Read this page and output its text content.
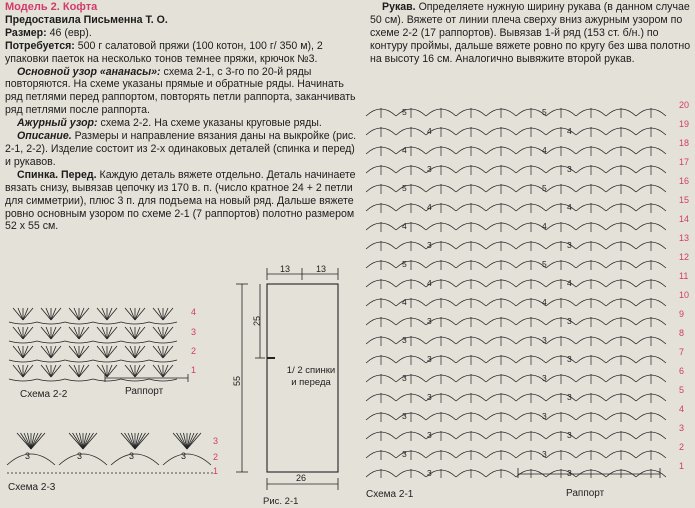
Модель 2. Кофта

Предоставила Письменна Т. О.

Размер: 46 (евр).

Потребуется: 500 г салатовой пряжи (100 котон, 100 г/ 350 м), 2 упаковки паеток на несколько тонов темнее пряжи, крючок №3.

Основной узор «ананасы»: схема 2-1, с 3-го по 20-й ряды повторяются. На схеме указаны прямые и обратные ряды. Начинать ряд петлями перед раппортом, повторять петли раппорта, заканчивать ряд петлями после раппорта.

Ажурный узор: схема 2-2. На схеме указаны круговые ряды.

Описание. Размеры и направление вязания даны на выкройке (рис. 2-1, 2-2). Изделие состоит из 2-х одинаковых деталей (спинка и перед) и рукавов.

Спинка. Перед. Каждую деталь вяжете отдельно. Деталь начинаете вязать снизу, вывязав цепочку из 170 в. п. (число кратное 24 + 2 петли для симметрии), плюс 3 п. для подъема на новый ряд. Дальше вяжете ровно основным узором по схеме 2-1 (7 раппортов) полотно размером 52 х 55 см.

Рукав. Определяете нужную ширину рукава (в данном случае 50 см). Вяжете от линии плеча сверху вниз ажурным узором по схеме 2-2 (17 раппортов). Вывязав 1-й ряд (153 ст. б/н.) по контуру проймы, дальше вяжете ровно по кругу без шва полотно на высоту 16 см. Аналогично вывяжите второй рукав.

Схема 2-2	Раппорт
4
3
2
1
3	3	3	3
Схема 2-3
3
2
1
13	13
55
25
26
1/ 2 спинки
и переда
Рис. 2-1
5	5
4	4
4	4
3	3
5	5
4	4
4	4
3	3
5	5
4	4
4	4
3	3
3	3
3	3
3	3
3	3
3	3
3	3
3	3
3	3
20
19
18
17
16
15
14
13
12
11
10
9
8
7
6
5
4
3
2
1
Схема 2-1	Раппорт
